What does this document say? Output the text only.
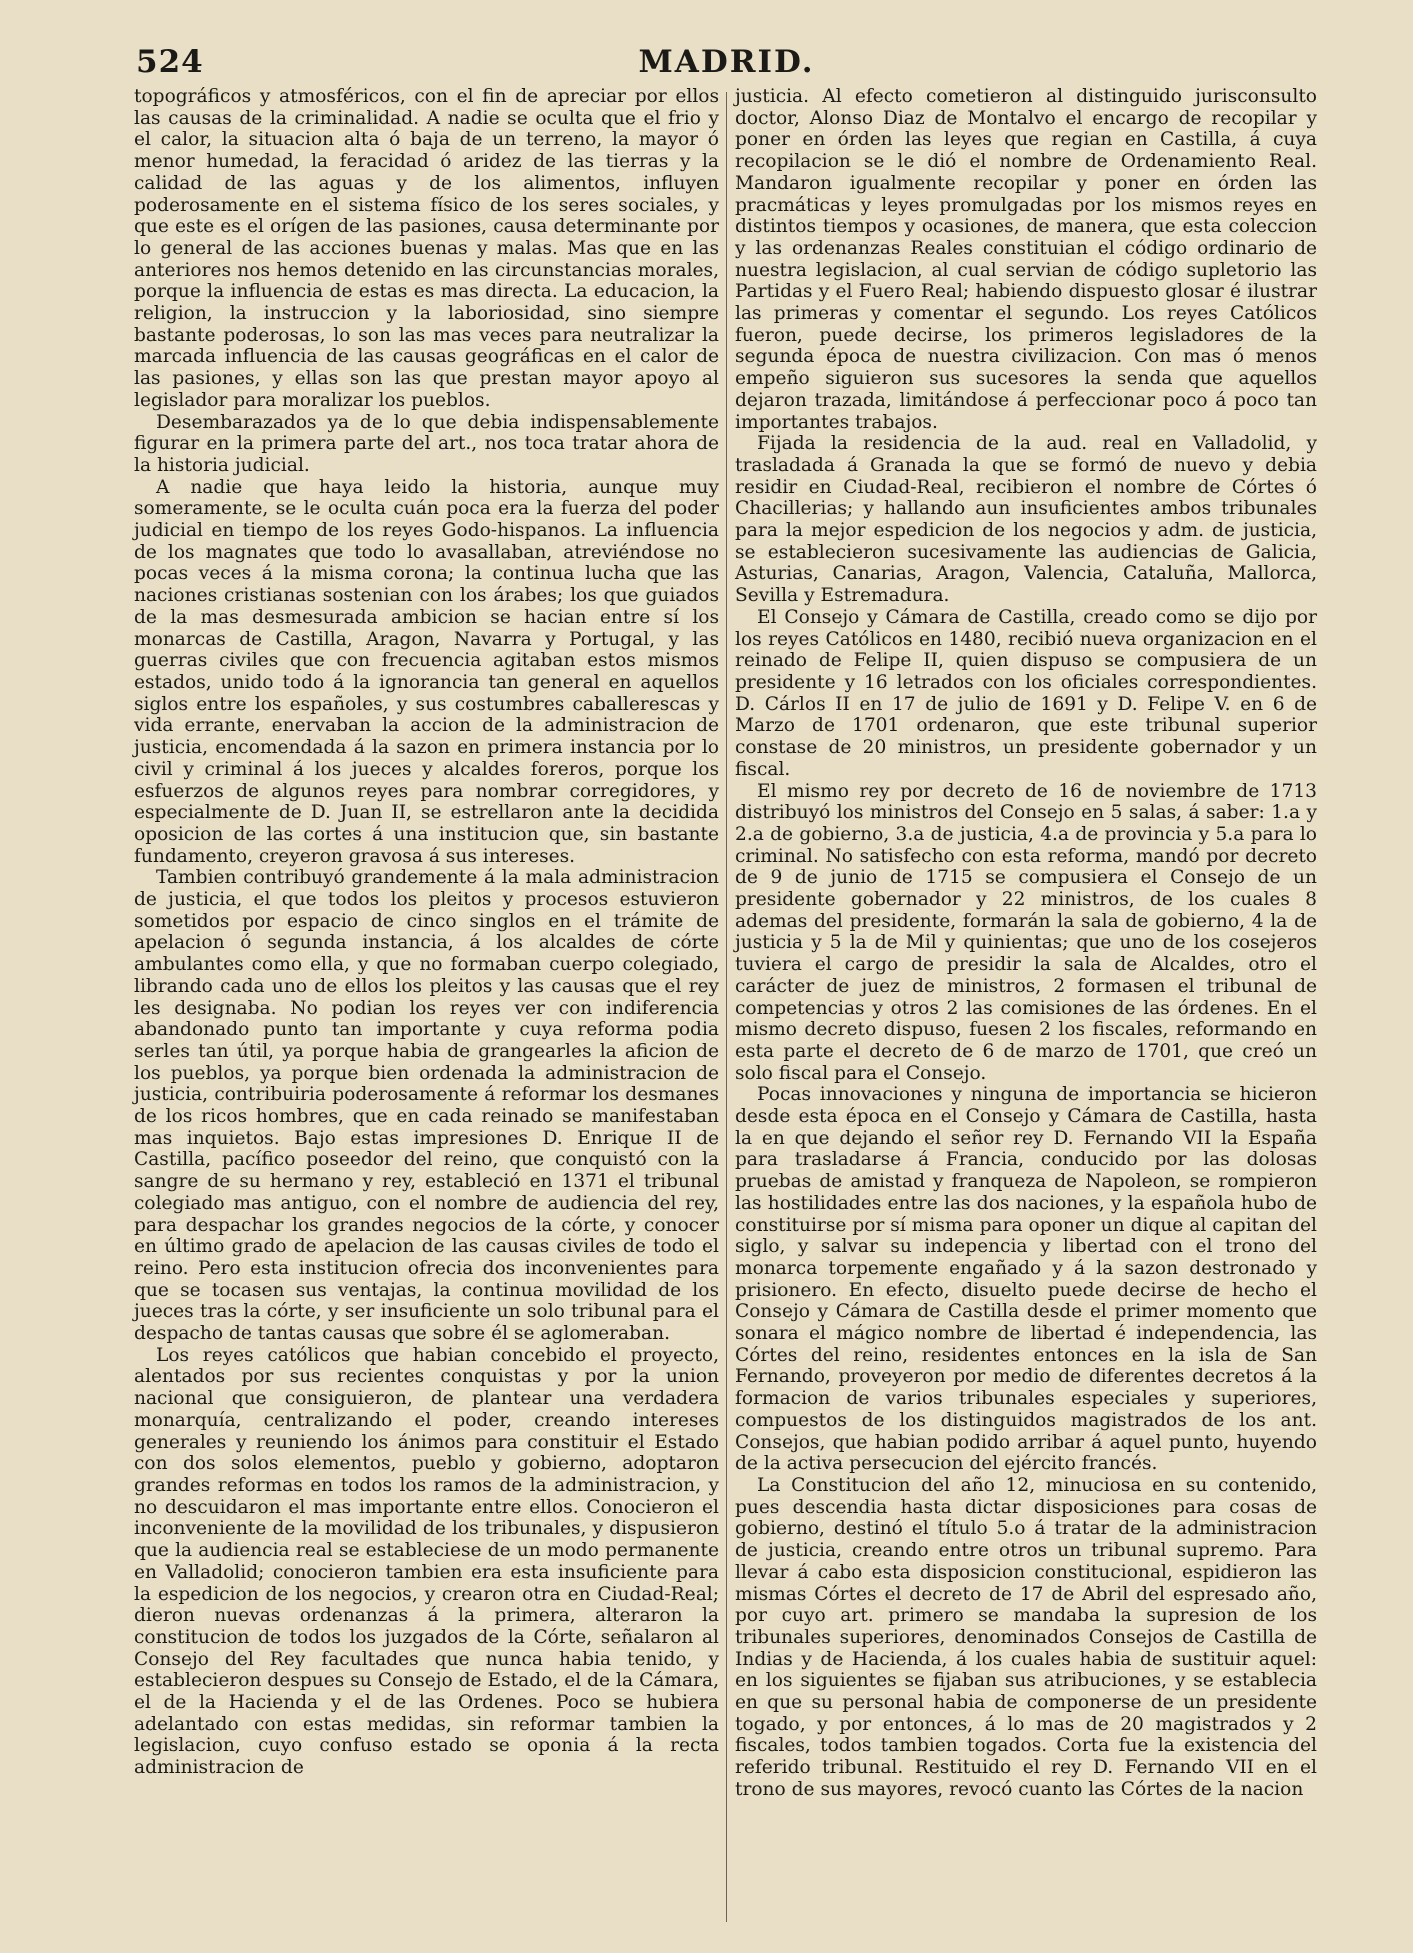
524	MADRID.

topográficos y atmosféricos, con el fin de apreciar por ellos las causas de la criminalidad. A nadie se oculta que el frio y el calor, la situacion alta ó baja de un terreno, la mayor ó menor humedad, la feracidad ó aridez de las tierras y la calidad de las aguas y de los alimentos, influyen poderosamente en el sistema físico de los seres sociales, y que este es el orígen de las pasiones, causa determinante por lo general de las acciones buenas y malas. Mas que en las anteriores nos hemos detenido en las circunstancias morales, porque la influencia de estas es mas directa. La educacion, la religion, la instruccion y la laboriosidad, sino siempre bastante poderosas, lo son las mas veces para neutralizar la marcada influencia de las causas geográficas en el calor de las pasiones, y ellas son las que prestan mayor apoyo al legislador para moralizar los pueblos.

Desembarazados ya de lo que debia indispensablemente figurar en la primera parte del art., nos toca tratar ahora de la historia judicial.

A nadie que haya leido la historia, aunque muy someramente, se le oculta cuán poca era la fuerza del poder judicial en tiempo de los reyes Godo-hispanos. La influencia de los magnates que todo lo avasallaban, atreviéndose no pocas veces á la misma corona; la continua lucha que las naciones cristianas sostenian con los árabes; los que guiados de la mas desmesurada ambicion se hacian entre sí los monarcas de Castilla, Aragon, Navarra y Portugal, y las guerras civiles que con frecuencia agitaban estos mismos estados, unido todo á la ignorancia tan general en aquellos siglos entre los españoles, y sus costumbres caballerescas y vida errante, enervaban la accion de la administracion de justicia, encomendada á la sazon en primera instancia por lo civil y criminal á los jueces y alcaldes foreros, porque los esfuerzos de algunos reyes para nombrar corregidores, y especialmente de D. Juan II, se estrellaron ante la decidida oposicion de las cortes á una institucion que, sin bastante fundamento, creyeron gravosa á sus intereses.

Tambien contribuyó grandemente á la mala administracion de justicia, el que todos los pleitos y procesos estuvieron sometidos por espacio de cinco singlos en el trámite de apelacion ó segunda instancia, á los alcaldes de córte ambulantes como ella, y que no formaban cuerpo colegiado, librando cada uno de ellos los pleitos y las causas que el rey les designaba. No podian los reyes ver con indiferencia abandonado punto tan importante y cuya reforma podia serles tan útil, ya porque habia de grangearles la aficion de los pueblos, ya porque bien ordenada la administracion de justicia, contribuiria poderosamente á reformar los desmanes de los ricos hombres, que en cada reinado se manifestaban mas inquietos. Bajo estas impresiones D. Enrique II de Castilla, pacífico poseedor del reino, que conquistó con la sangre de su hermano y rey, estableció en 1371 el tribunal colegiado mas antiguo, con el nombre de audiencia del rey, para despachar los grandes negocios de la córte, y conocer en último grado de apelacion de las causas civiles de todo el reino. Pero esta institucion ofrecia dos inconvenientes para que se tocasen sus ventajas, la continua movilidad de los jueces tras la córte, y ser insuficiente un solo tribunal para el despacho de tantas causas que sobre él se aglomeraban.

Los reyes católicos que habian concebido el proyecto, alentados por sus recientes conquistas y por la union nacional que consiguieron, de plantear una verdadera monarquía, centralizando el poder, creando intereses generales y reuniendo los ánimos para constituir el Estado con dos solos elementos, pueblo y gobierno, adoptaron grandes reformas en todos los ramos de la administracion, y no descuidaron el mas importante entre ellos. Conocieron el inconveniente de la movilidad de los tribunales, y dispusieron que la audiencia real se estableciese de un modo permanente en Valladolid; conocieron tambien era esta insuficiente para la espedicion de los negocios, y crearon otra en Ciudad-Real; dieron nuevas ordenanzas á la primera, alteraron la constitucion de todos los juzgados de la Córte, señalaron al Consejo del Rey facultades que nunca habia tenido, y establecieron despues su Consejo de Estado, el de la Cámara, el de la Hacienda y el de las Ordenes. Poco se hubiera adelantado con estas medidas, sin reformar tambien la legislacion, cuyo confuso estado se oponia á la recta administracion de

justicia. Al efecto cometieron al distinguido jurisconsulto doctor, Alonso Diaz de Montalvo el encargo de recopilar y poner en órden las leyes que regian en Castilla, á cuya recopilacion se le dió el nombre de Ordenamiento Real. Mandaron igualmente recopilar y poner en órden las pracmáticas y leyes promulgadas por los mismos reyes en distintos tiempos y ocasiones, de manera, que esta coleccion y las ordenanzas Reales constituian el código ordinario de nuestra legislacion, al cual servian de código supletorio las Partidas y el Fuero Real; habiendo dispuesto glosar é ilustrar las primeras y comentar el segundo. Los reyes Católicos fueron, puede decirse, los primeros legisladores de la segunda época de nuestra civilizacion. Con mas ó menos empeño siguieron sus sucesores la senda que aquellos dejaron trazada, limitándose á perfeccionar poco á poco tan importantes trabajos.

Fijada la residencia de la aud. real en Valladolid, y trasladada á Granada la que se formó de nuevo y debia residir en Ciudad-Real, recibieron el nombre de Córtes ó Chacillerias; y hallando aun insuficientes ambos tribunales para la mejor espedicion de los negocios y adm. de justicia, se establecieron sucesivamente las audiencias de Galicia, Asturias, Canarias, Aragon, Valencia, Cataluña, Mallorca, Sevilla y Estremadura.

El Consejo y Cámara de Castilla, creado como se dijo por los reyes Católicos en 1480, recibió nueva organizacion en el reinado de Felipe II, quien dispuso se compusiera de un presidente y 16 letrados con los oficiales correspondientes. D. Cárlos II en 17 de julio de 1691 y D. Felipe V. en 6 de Marzo de 1701 ordenaron, que este tribunal superior constase de 20 ministros, un presidente gobernador y un fiscal.

El mismo rey por decreto de 16 de noviembre de 1713 distribuyó los ministros del Consejo en 5 salas, á saber: 1.a y 2.a de gobierno, 3.a de justicia, 4.a de provincia y 5.a para lo criminal. No satisfecho con esta reforma, mandó por decreto de 9 de junio de 1715 se compusiera el Consejo de un presidente gobernador y 22 ministros, de los cuales 8 ademas del presidente, formarán la sala de gobierno, 4 la de justicia y 5 la de Mil y quinientas; que uno de los cosejeros tuviera el cargo de presidir la sala de Alcaldes, otro el carácter de juez de ministros, 2 formasen el tribunal de competencias y otros 2 las comisiones de las órdenes. En el mismo decreto dispuso, fuesen 2 los fiscales, reformando en esta parte el decreto de 6 de marzo de 1701, que creó un solo fiscal para el Consejo.

Pocas innovaciones y ninguna de importancia se hicieron desde esta época en el Consejo y Cámara de Castilla, hasta la en que dejando el señor rey D. Fernando VII la España para trasladarse á Francia, conducido por las dolosas pruebas de amistad y franqueza de Napoleon, se rompieron las hostilidades entre las dos naciones, y la española hubo de constituirse por sí misma para oponer un dique al capitan del siglo, y salvar su indepencia y libertad con el trono del monarca torpemente engañado y á la sazon destronado y prisionero. En efecto, disuelto puede decirse de hecho el Consejo y Cámara de Castilla desde el primer momento que sonara el mágico nombre de libertad é independencia, las Córtes del reino, residentes entonces en la isla de San Fernando, proveyeron por medio de diferentes decretos á la formacion de varios tribunales especiales y superiores, compuestos de los distinguidos magistrados de los ant. Consejos, que habian podido arribar á aquel punto, huyendo de la activa persecucion del ejército francés.

La Constitucion del año 12, minuciosa en su contenido, pues descendia hasta dictar disposiciones para cosas de gobierno, destinó el título 5.o á tratar de la administracion de justicia, creando entre otros un tribunal supremo. Para llevar á cabo esta disposicion constitucional, espidieron las mismas Córtes el decreto de 17 de Abril del espresado año, por cuyo art. primero se mandaba la supresion de los tribunales superiores, denominados Consejos de Castilla de Indias y de Hacienda, á los cuales habia de sustituir aquel: en los siguientes se fijaban sus atribuciones, y se establecia en que su personal habia de componerse de un presidente togado, y por entonces, á lo mas de 20 magistrados y 2 fiscales, todos tambien togados. Corta fue la existencia del referido tribunal. Restituido el rey D. Fernando VII en el trono de sus mayores, revocó cuanto las Córtes de la nacion
